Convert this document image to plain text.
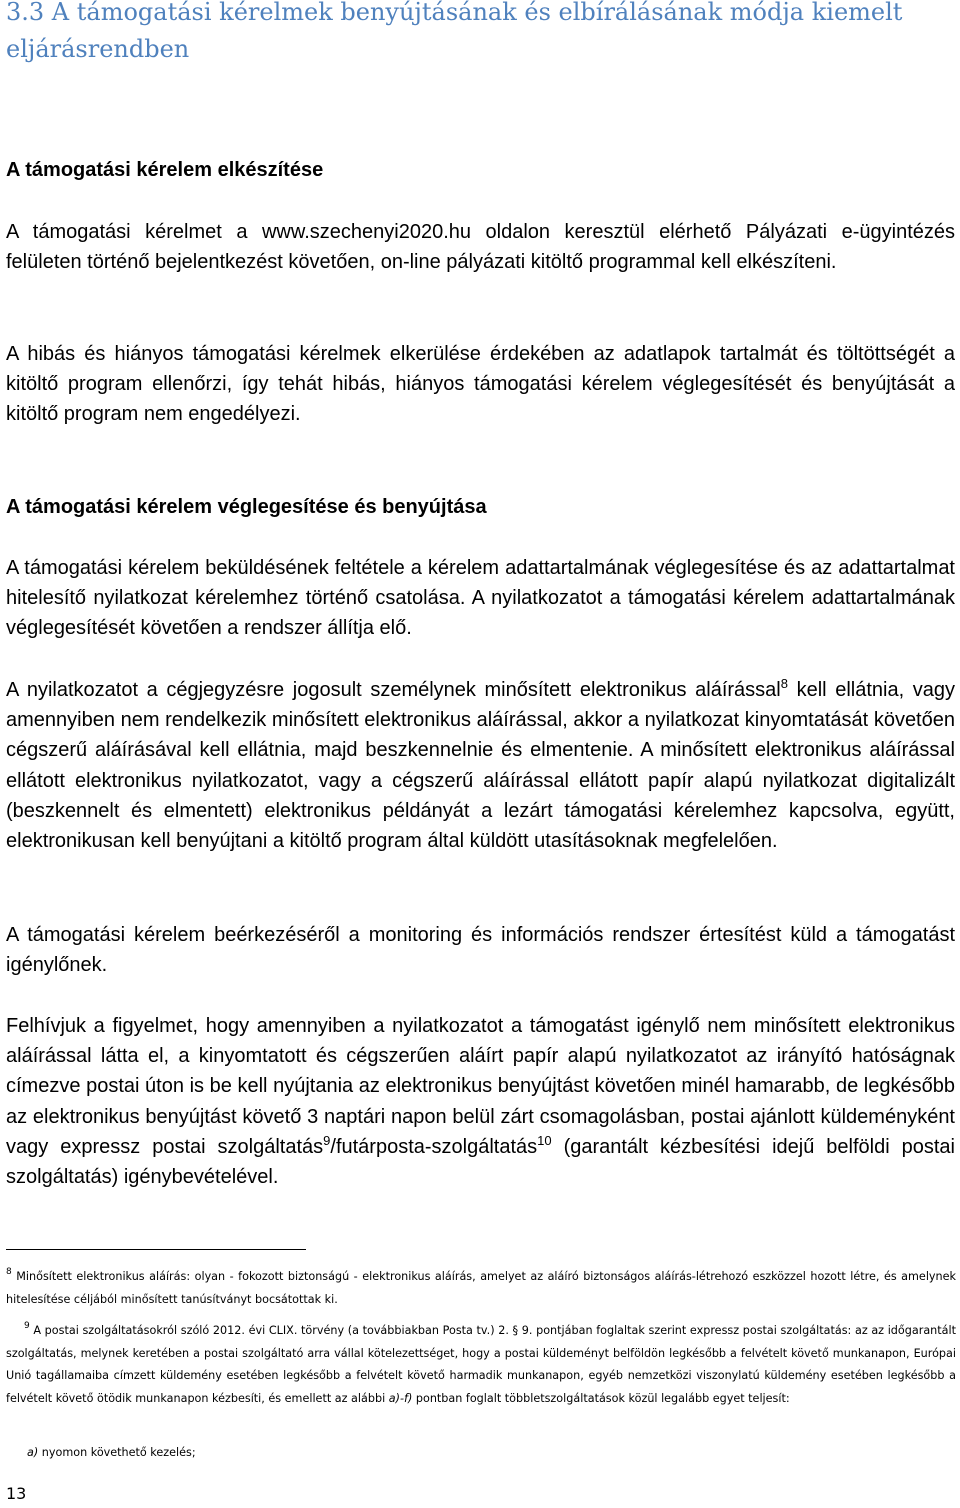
3.3 A támogatási kérelmek benyújtásának és elbírálásának módja kiemelt eljárásrendben

A támogatási kérelem elkészítése

A támogatási kérelmet a www.szechenyi2020.hu oldalon keresztül elérhető Pályázati e-ügyintézés felületen történő bejelentkezést követően, on-line pályázati kitöltő programmal kell elkészíteni.

A hibás és hiányos támogatási kérelmek elkerülése érdekében az adatlapok tartalmát és töltöttségét a kitöltő program ellenőrzi, így tehát hibás, hiányos támogatási kérelem véglegesítését és benyújtását a kitöltő program nem engedélyezi.

A támogatási kérelem véglegesítése és benyújtása

A támogatási kérelem beküldésének feltétele a kérelem adattartalmának véglegesítése és az adattartalmat hitelesítő nyilatkozat kérelemhez történő csatolása. A nyilatkozatot a támogatási kérelem adattartalmának véglegesítését követően a rendszer állítja elő.

A nyilatkozatot a cégjegyzésre jogosult személynek minősített elektronikus aláírással$^8$ kell ellátnia, vagy amennyiben nem rendelkezik minősített elektronikus aláírással, akkor a nyilatkozat kinyomtatását követően cégszerű aláírásával kell ellátnia, majd beszkennelnie és elmentenie. A minősített elektronikus aláírással ellátott elektronikus nyilatkozatot, vagy a cégszerű aláírással ellátott papír alapú nyilatkozat digitalizált (beszkennelt és elmentett) elektronikus példányát a lezárt támogatási kérelemhez kapcsolva, együtt, elektronikusan kell benyújtani a kitöltő program által küldött utasításoknak megfelelően.

A támogatási kérelem beérkezéséről a monitoring és információs rendszer értesítést küld a támogatást igénylőnek.

Felhívjuk a figyelmet, hogy amennyiben a nyilatkozatot a támogatást igénylő nem minősített elektronikus aláírással látta el, a kinyomtatott és cégszerűen aláírt papír alapú nyilatkozatot az irányító hatóságnak címezve postai úton is be kell nyújtania az elektronikus benyújtást követően minél hamarabb, de legkésőbb az elektronikus benyújtást követő 3 naptári napon belül zárt csomagolásban, postai ajánlott küldeményként vagy expressz postai szolgáltatás$^9$/futárposta-szolgáltatás$^{10}$ (garantált kézbesítési idejű belföldi postai szolgáltatás) igénybevételével.

$^8$ Minősített elektronikus aláírás: olyan - fokozott biztonságú - elektronikus aláírás, amelyet az aláíró biztonságos aláírás-létrehozó eszközzel hozott létre, és amelynek hitelesítése céljából minősített tanúsítványt bocsátottak ki.

$^9$ A postai szolgáltatásokról szóló 2012. évi CLIX. törvény (a továbbiakban Posta tv.) 2. § 9. pontjában foglaltak szerint expressz postai szolgáltatás: az az időgarantált szolgáltatás, melynek keretében a postai szolgáltató arra vállal kötelezettséget, hogy a postai küldeményt belföldön legkésőbb a felvételt követő munkanapon, Európai Unió tagállamaiba címzett küldemény esetében legkésőbb a felvételt követő harmadik munkanapon, egyéb nemzetközi viszonylatú küldemény esetében legkésőbb a felvételt követő ötödik munkanapon kézbesíti, és emellett az alábbi a)-f) pontban foglalt többletszolgáltatások közül legalább egyet teljesít:

a) nyomon követhető kezelés;

13
